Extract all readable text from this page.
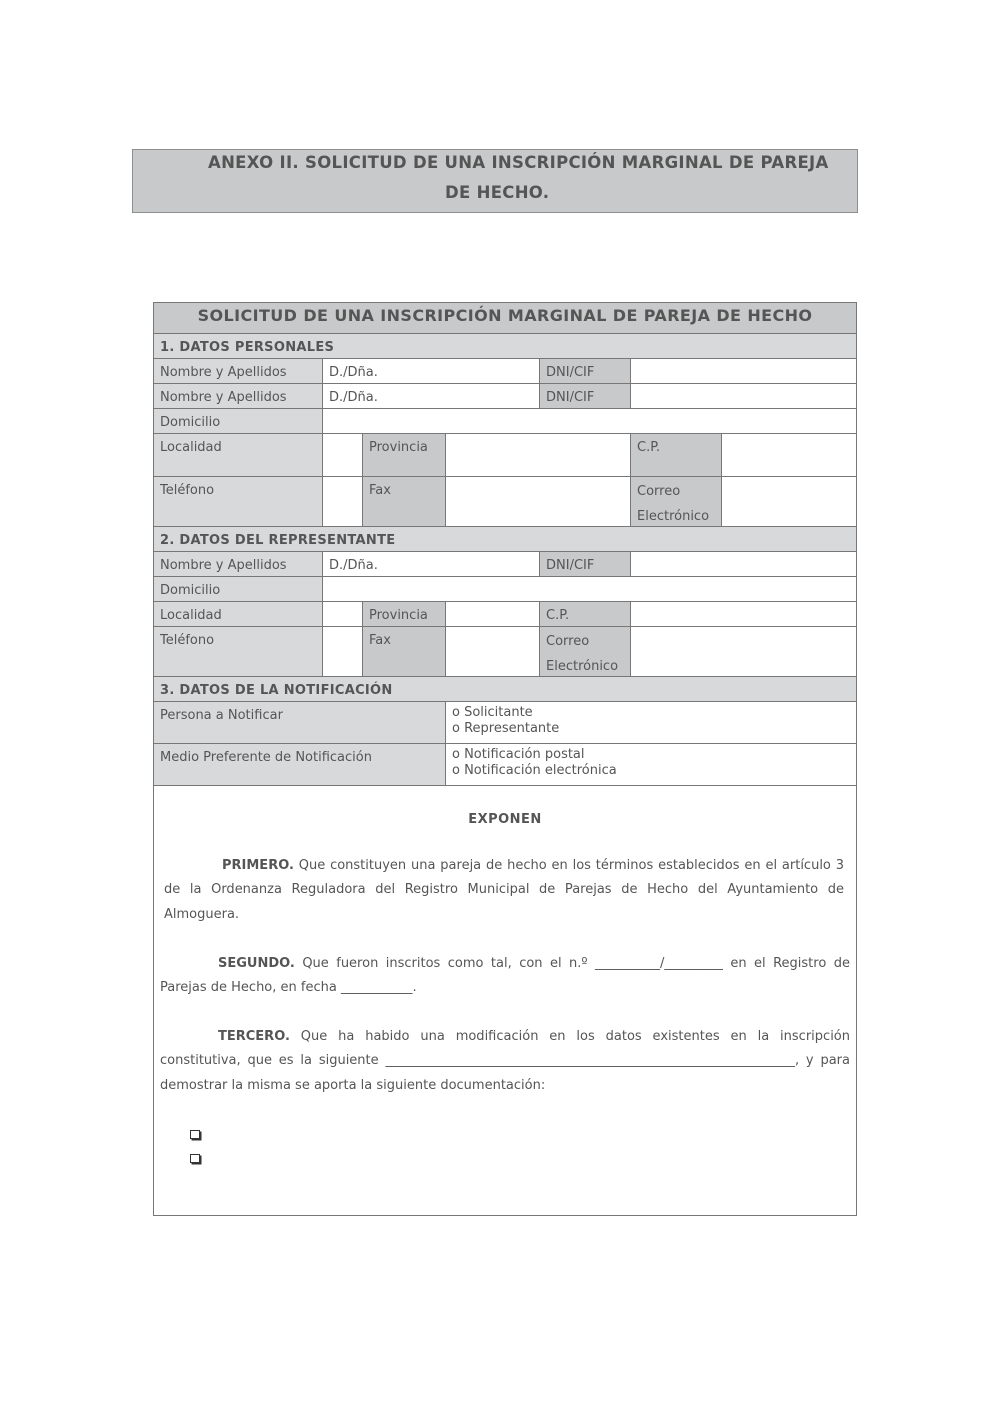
ANEXO II. SOLICITUD DE UNA INSCRIPCIÓN MARGINAL DE PAREJA
DE HECHO.
SOLICITUD DE UNA INSCRIPCIÓN MARGINAL DE PAREJA DE HECHO
1. DATOS PERSONALES
Nombre y Apellidos	D./Dña.	DNI/CIF
Nombre y Apellidos	D./Dña.	DNI/CIF
Domicilio
Localidad	Provincia	C.P.
Teléfono	Fax	Correo
Electrónico
2. DATOS DEL REPRESENTANTE
Nombre y Apellidos	D./Dña.	DNI/CIF
Domicilio
Localidad	Provincia	C.P.
Teléfono	Fax	Correo
Electrónico
3. DATOS DE LA NOTIFICACIÓN
Persona a Notificar	o Solicitante
o Representante
Medio Preferente de Notificación	o Notificación postal
o Notificación electrónica
EXPONEN
PRIMERO. Que constituyen una pareja de hecho en los términos establecidos en el artículo 3 de la Ordenanza Reguladora del Registro Municipal de Parejas de Hecho del Ayuntamiento de Almoguera.
SEGUNDO. Que fueron inscritos como tal, con el n.º __________/_________ en el Registro de Parejas de Hecho, en fecha ___________.
TERCERO. Que ha habido una modificación en los datos existentes en la inscripción constitutiva, que es la siguiente _______________________________________________________________, y para demostrar la misma se aporta la siguiente documentación:
